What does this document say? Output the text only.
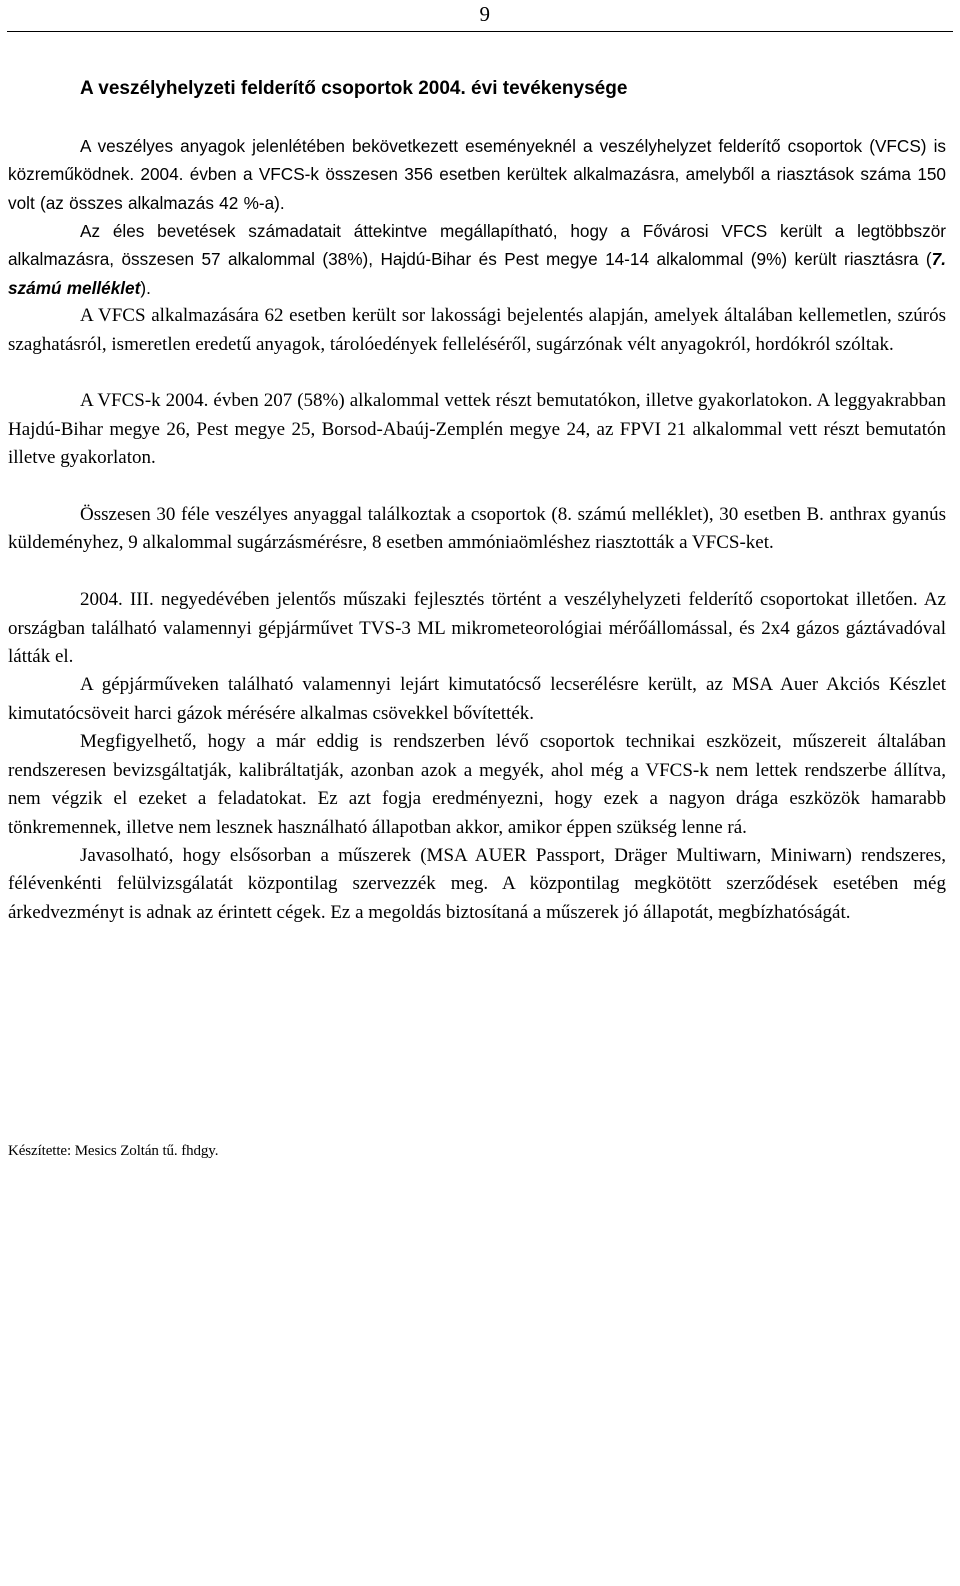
9
A veszélyhelyzeti felderítő csoportok 2004. évi tevékenysége

A veszélyes anyagok jelenlétében bekövetkezett eseményeknél a veszélyhelyzet felderítő csoportok (VFCS) is közreműködnek. 2004. évben a VFCS-k összesen 356 esetben kerültek alkalmazásra, amelyből a riasztások száma 150 volt (az összes alkalmazás 42 %-a).

Az éles bevetések számadatait áttekintve megállapítható, hogy a Fővárosi VFCS került a legtöbbször alkalmazásra, összesen 57 alkalommal (38%), Hajdú-Bihar és Pest megye 14-14 alkalommal (9%) került riasztásra (7. számú melléklet).

A VFCS alkalmazására 62 esetben került sor lakossági bejelentés alapján, amelyek általában kellemetlen, szúrós szaghatásról, ismeretlen eredetű anyagok, tárolóedények felleléséről, sugárzónak vélt anyagokról, hordókról szóltak.

A VFCS-k 2004. évben 207 (58%) alkalommal vettek részt bemutatókon, illetve gyakorlatokon. A leggyakrabban Hajdú-Bihar megye 26, Pest megye 25, Borsod-Abaúj-Zemplén megye 24, az FPVI 21 alkalommal vett részt bemutatón illetve gyakorlaton.

Összesen 30 féle veszélyes anyaggal találkoztak a csoportok (8. számú melléklet), 30 esetben B. anthrax gyanús küldeményhez, 9 alkalommal sugárzásmérésre, 8 esetben ammóniaömléshez riasztották a VFCS-ket.

2004. III. negyedévében jelentős műszaki fejlesztés történt a veszélyhelyzeti felderítő csoportokat illetően. Az országban található valamennyi gépjárművet TVS-3 ML mikrometeorológiai mérőállomással, és 2x4 gázos gáztávadóval látták el.

A gépjárműveken található valamennyi lejárt kimutatócső lecserélésre került, az MSA Auer Akciós Készlet kimutatócsöveit harci gázok mérésére alkalmas csövekkel bővítették.

Megfigyelhető, hogy a már eddig is rendszerben lévő csoportok technikai eszközeit, műszereit általában rendszeresen bevizsgáltatják, kalibráltatják, azonban azok a megyék, ahol még a VFCS-k nem lettek rendszerbe állítva, nem végzik el ezeket a feladatokat. Ez azt fogja eredményezni, hogy ezek a nagyon drága eszközök hamarabb tönkremennek, illetve nem lesznek használható állapotban akkor, amikor éppen szükség lenne rá.

Javasolható, hogy elsősorban a műszerek (MSA AUER Passport, Dräger Multiwarn, Miniwarn) rendszeres, félévenkénti felülvizsgálatát központilag szervezzék meg. A központilag megkötött szerződések esetében még árkedvezményt is adnak az érintett cégek. Ez a megoldás biztosítaná a műszerek jó állapotát, megbízhatóságát.

Készítette: Mesics Zoltán tű. fhdgy.
